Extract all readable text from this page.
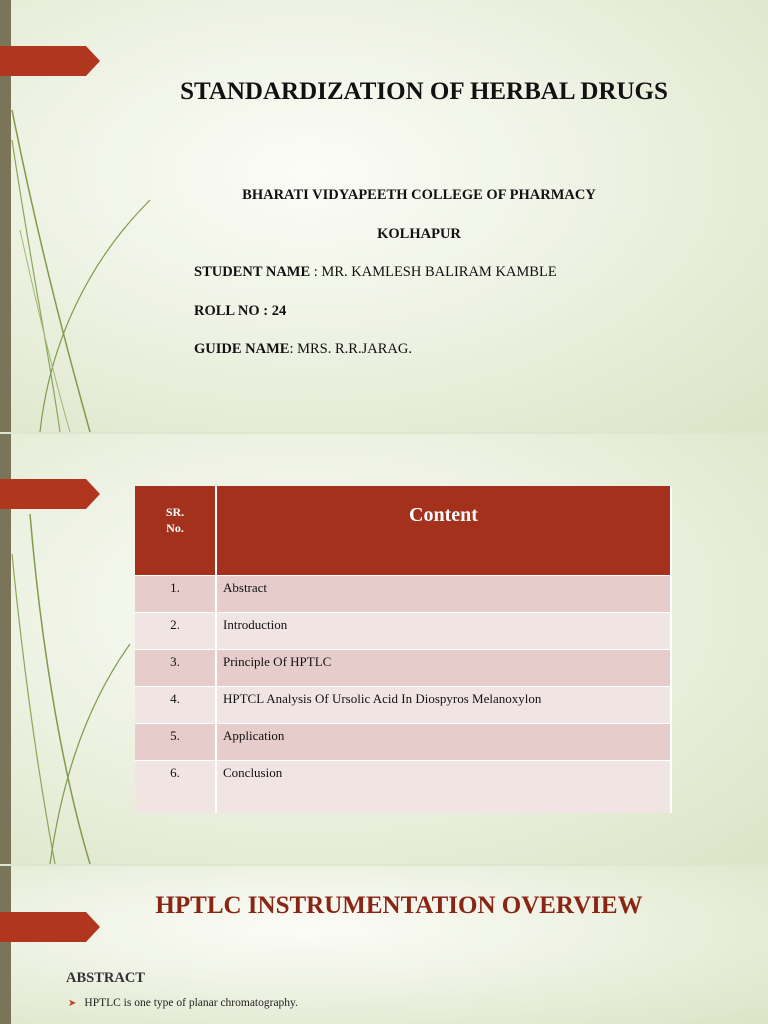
STANDARDIZATION OF HERBAL DRUGS
BHARATI VIDYAPEETH COLLEGE OF PHARMACY
KOLHAPUR
STUDENT NAME : MR. KAMLESH BALIRAM KAMBLE
ROLL NO : 24
GUIDE NAME: MRS. R.R.JARAG.
SR.
No.	Content
1.	Abstract
2.	Introduction
3.	Principle Of HPTLC
4.	HPTCL Analysis Of Ursolic Acid In Diospyros Melanoxylon
5.	Application
6.	Conclusion
HPTLC INSTRUMENTATION OVERVIEW
ABSTRACT
➤ HPTLC is one type of planar chromatography.
